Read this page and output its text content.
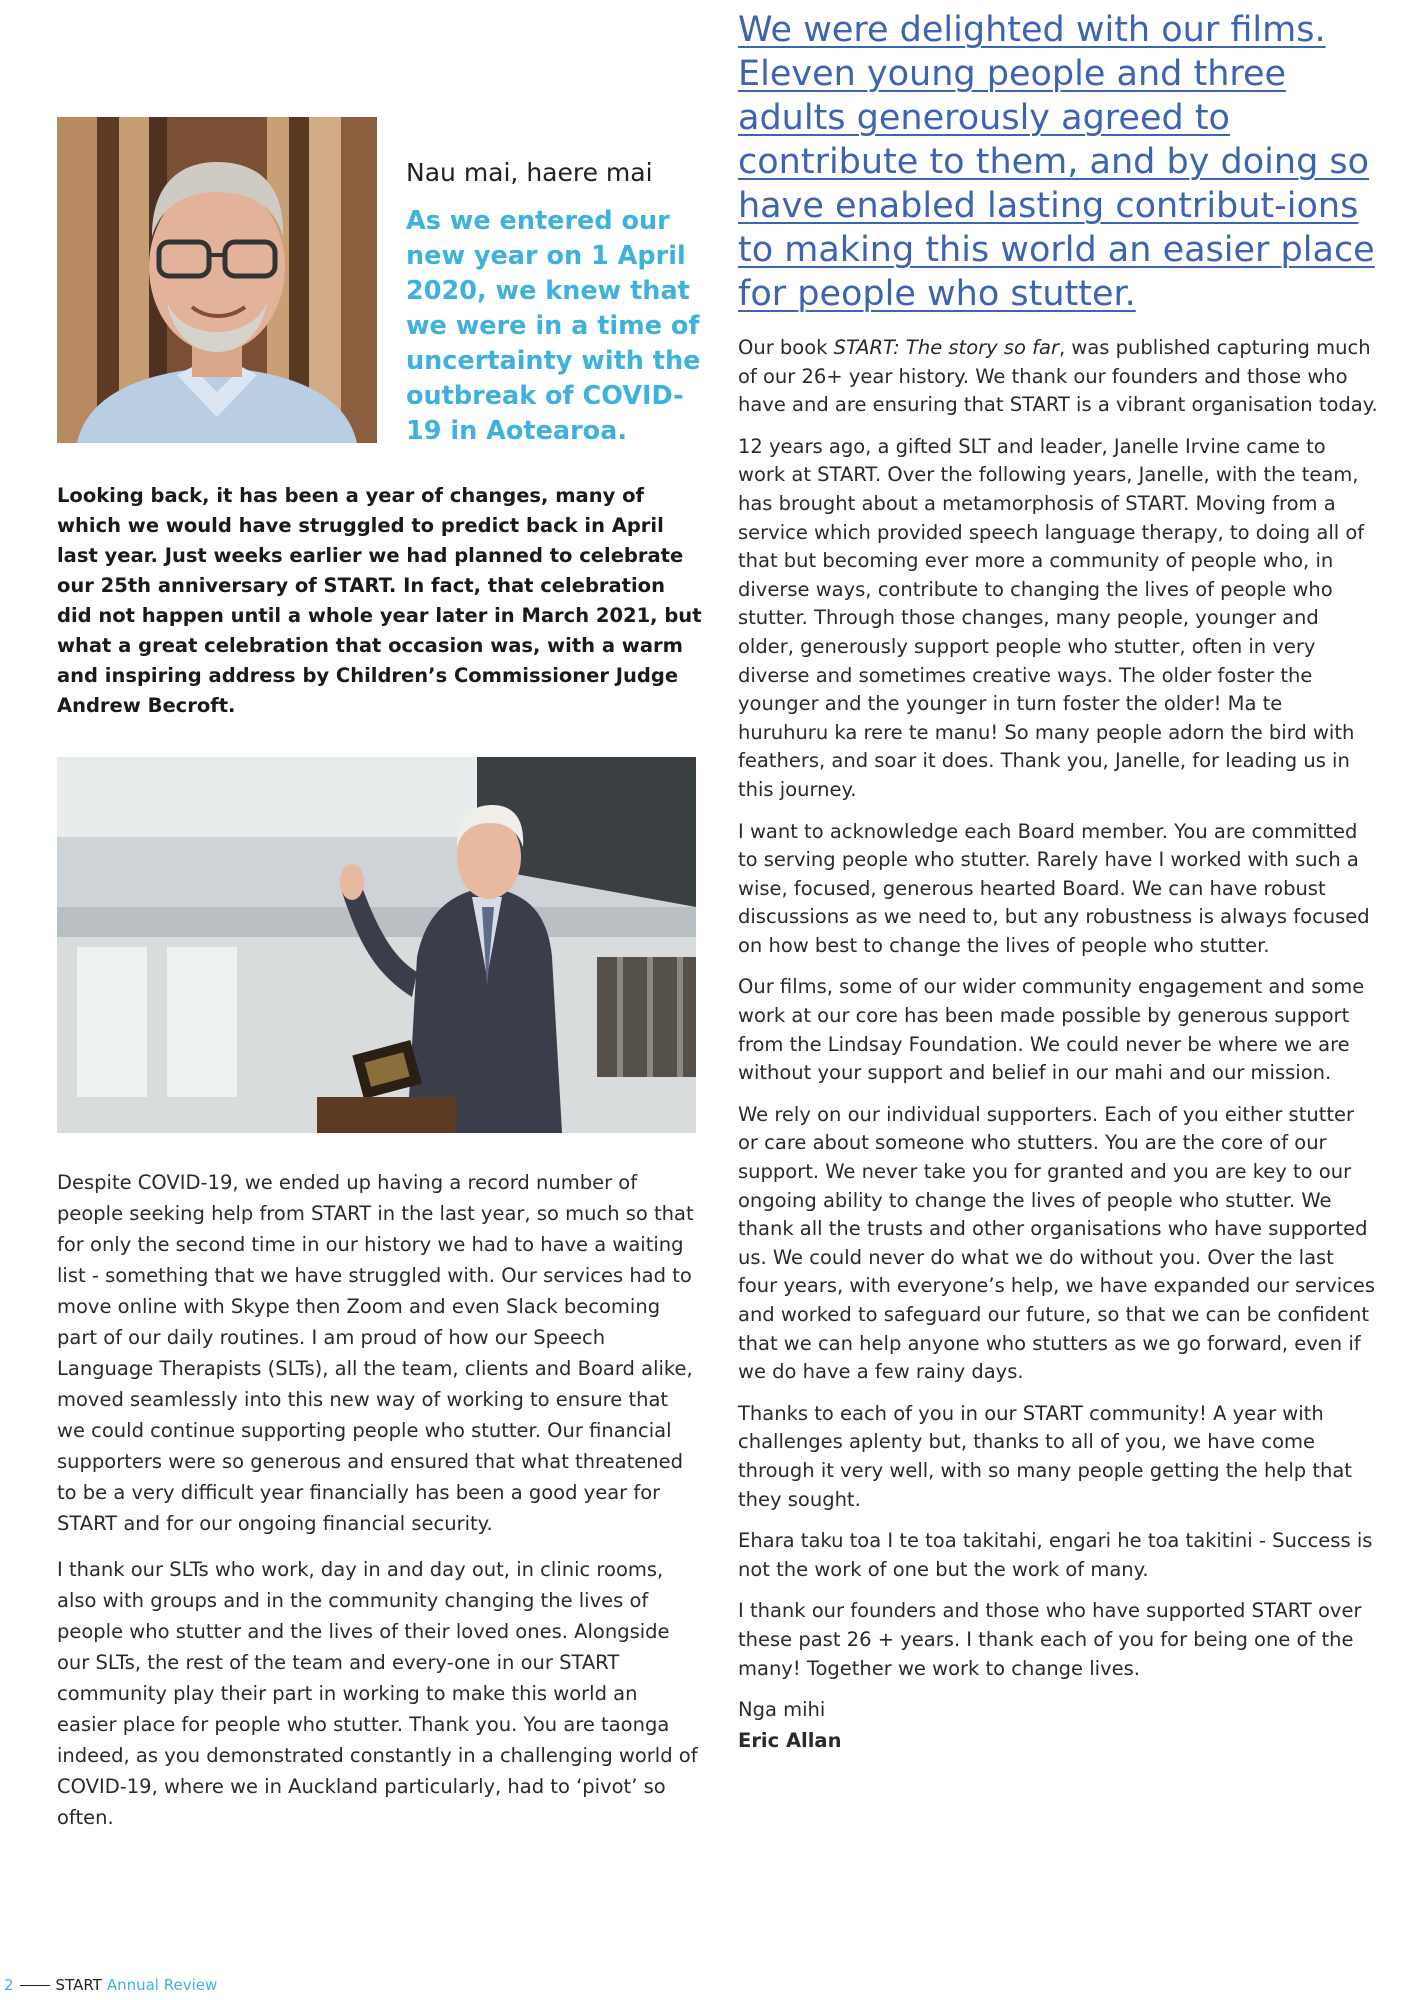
Nau mai, haere mai

As we entered our new year on 1 April 2020, we knew that we were in a time of uncertainty with the outbreak of COVID-19 in Aotearoa.

Looking back, it has been a year of changes, many of which we would have struggled to predict back in April last year. Just weeks earlier we had planned to celebrate our 25th anniversary of START. In fact, that celebration did not happen until a whole year later in March 2021, but what a great celebration that occasion was, with a warm and inspiring address by Children’s Commissioner Judge Andrew Becroft.

Despite COVID-19, we ended up having a record number of people seeking help from START in the last year, so much so that for only the second time in our history we had to have a waiting list - something that we have struggled with. Our services had to move online with Skype then Zoom and even Slack becoming part of our daily routines. I am proud of how our Speech Language Therapists (SLTs), all the team, clients and Board alike, moved seamlessly into this new way of working to ensure that we could continue supporting people who stutter. Our financial supporters were so generous and ensured that what threatened to be a very difficult year financially has been a good year for START and for our ongoing financial security.

I thank our SLTs who work, day in and day out, in clinic rooms, also with groups and in the community changing the lives of people who stutter and the lives of their loved ones. Alongside our SLTs, the rest of the team and every-one in our START community play their part in working to make this world an easier place for people who stutter. Thank you. You are taonga indeed, as you demonstrated constantly in a challenging world of COVID-19, where we in Auckland particularly, had to ‘pivot’ so often.

We were delighted with our films. Eleven young people and three adults generously agreed to contribute to them, and by doing so have enabled lasting contribut-ions to making this world an easier place for people who stutter.

Our book START: The story so far, was published capturing much of our 26+ year history. We thank our founders and those who have and are ensuring that START is a vibrant organisation today.

12 years ago, a gifted SLT and leader, Janelle Irvine came to work at START. Over the following years, Janelle, with the team, has brought about a metamorphosis of START. Moving from a service which provided speech language therapy, to doing all of that but becoming ever more a community of people who, in diverse ways, contribute to changing the lives of people who stutter. Through those changes, many people, younger and older, generously support people who stutter, often in very diverse and sometimes creative ways. The older foster the younger and the younger in turn foster the older! Ma te huruhuru ka rere te manu! So many people adorn the bird with feathers, and soar it does. Thank you, Janelle, for leading us in this journey.

I want to acknowledge each Board member. You are committed to serving people who stutter. Rarely have I worked with such a wise, focused, generous hearted Board. We can have robust discussions as we need to, but any robustness is always focused on how best to change the lives of people who stutter.

Our films, some of our wider community engagement and some work at our core has been made possible by generous support from the Lindsay Foundation. We could never be where we are without your support and belief in our mahi and our mission.

We rely on our individual supporters. Each of you either stutter or care about someone who stutters. You are the core of our support. We never take you for granted and you are key to our ongoing ability to change the lives of people who stutter. We thank all the trusts and other organisations who have supported us. We could never do what we do without you. Over the last four years, with everyone’s help, we have expanded our services and worked to safeguard our future, so that we can be confident that we can help anyone who stutters as we go forward, even if we do have a few rainy days.

Thanks to each of you in our START community! A year with challenges aplenty but, thanks to all of you, we have come through it very well, with so many people getting the help that they sought.

Ehara taku toa I te toa takitahi, engari he toa takitini - Success is not the work of one but the work of many.

I thank our founders and those who have supported START over these past 26 + years. I thank each of you for being one of the many! Together we work to change lives.

Nga mihi

Eric Allan

2	START Annual Review
